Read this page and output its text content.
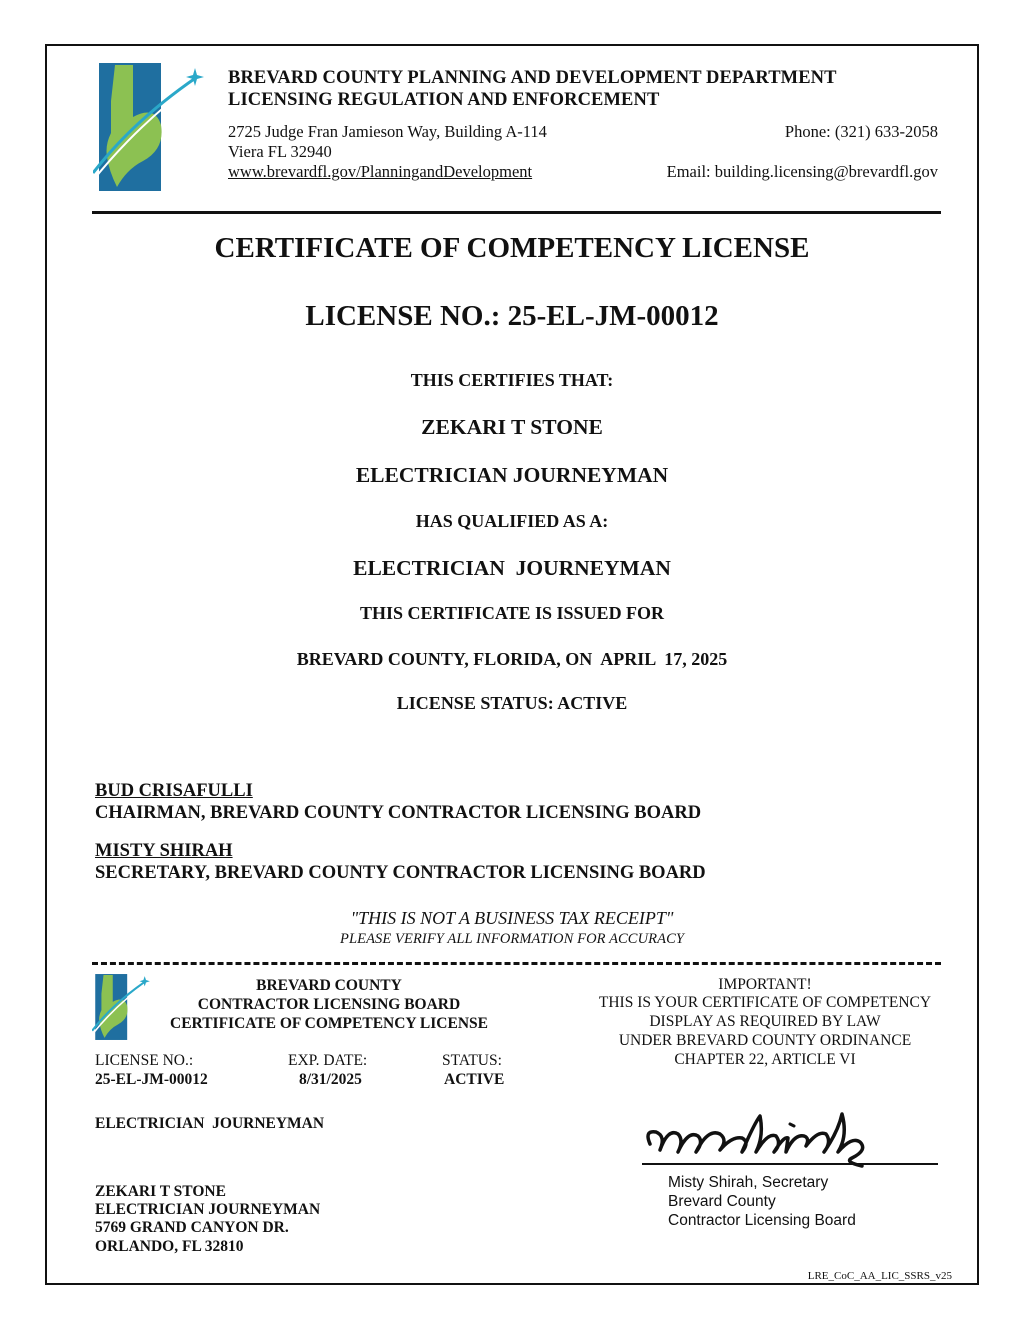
BREVARD COUNTY PLANNING AND DEVELOPMENT DEPARTMENT
LICENSING REGULATION AND ENFORCEMENT
2725 Judge Fran Jamieson Way, Building A-114
Viera FL 32940
www.brevardfl.gov/PlanningandDevelopment
Phone: (321) 633-2058
Email: building.licensing@brevardfl.gov
CERTIFICATE OF COMPETENCY LICENSE
LICENSE NO.: 25-EL-JM-00012
THIS CERTIFIES THAT:
ZEKARI T STONE
ELECTRICIAN JOURNEYMAN
HAS QUALIFIED AS A:
ELECTRICIAN  JOURNEYMAN
THIS CERTIFICATE IS ISSUED FOR
BREVARD COUNTY, FLORIDA, ON  APRIL  17, 2025
LICENSE STATUS: ACTIVE
BUD CRISAFULLI
CHAIRMAN, BREVARD COUNTY CONTRACTOR LICENSING BOARD
MISTY SHIRAH
SECRETARY, BREVARD COUNTY CONTRACTOR LICENSING BOARD
"THIS IS NOT A BUSINESS TAX RECEIPT"
PLEASE VERIFY ALL INFORMATION FOR ACCURACY
BREVARD COUNTY
CONTRACTOR LICENSING BOARD
CERTIFICATE OF COMPETENCY LICENSE
LICENSE NO.:
25-EL-JM-00012
EXP. DATE:
8/31/2025
STATUS:
ACTIVE
ELECTRICIAN  JOURNEYMAN
ZEKARI T STONE
ELECTRICIAN JOURNEYMAN
5769 GRAND CANYON DR.
ORLANDO, FL 32810
IMPORTANT!
THIS IS YOUR CERTIFICATE OF COMPETENCY
DISPLAY AS REQUIRED BY LAW
UNDER BREVARD COUNTY ORDINANCE
CHAPTER 22, ARTICLE VI
Misty Shirah, Secretary
Brevard County
Contractor Licensing Board
LRE_CoC_AA_LIC_SSRS_v25
